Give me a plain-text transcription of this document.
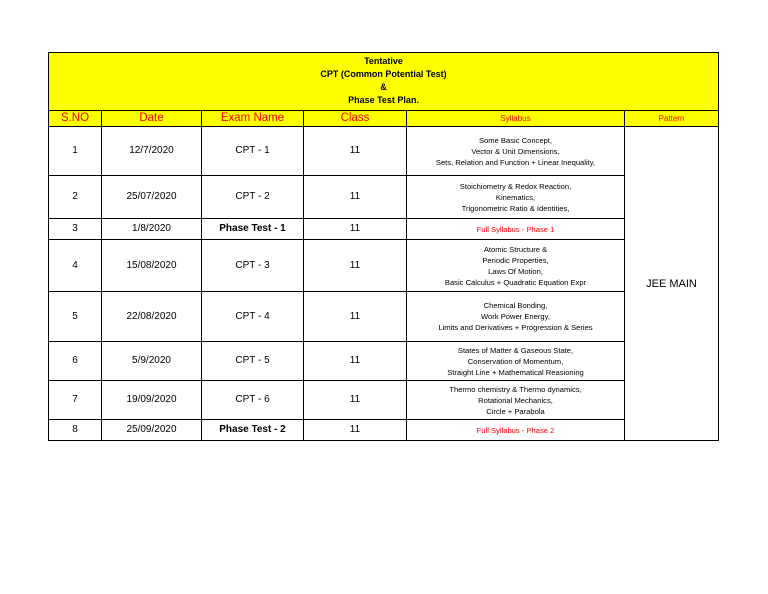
Tentative
CPT (Common Potential Test)
&
Phase Test Plan.					

S.NO	Date	Exam Name	Class	Syllabus	Pattern
1	12/7/2020	CPT - 1	11	Some Basic Concept,
Vector & Unit Dimensions,
Sets, Relation and Function + Linear Inequality,	JEE MAIN
2	25/07/2020	CPT - 2	11	Stoichiometry & Redox Reaction,
Kinematics,
Trigonometric Ratio & Identities,	

3	1/8/2020	Phase Test - 1	11	Full Syllabus - Phase 1	

4	15/08/2020	CPT - 3	11	Atomic Structure &
Periodic Properties,
Laws Of Motion,
Basic Calculus + Quadratic Equation Expr	

5	22/08/2020	CPT - 4	11	Chemical Bonding,
Work Power Energy,
Limits and Derivatives + Progression & Series	

6	5/9/2020	CPT - 5	11	States of Matter & Gaseous State,
Conservation of Momentum,
Straight Line + Mathematical Reasioning	

7	19/09/2020	CPT - 6	11	Thermo chemistry & Thermo dynamics,
Rotational Mechanics,
Circle + Parabola	

8	25/09/2020	Phase Test - 2	11	Full Syllabus - Phase 2	
